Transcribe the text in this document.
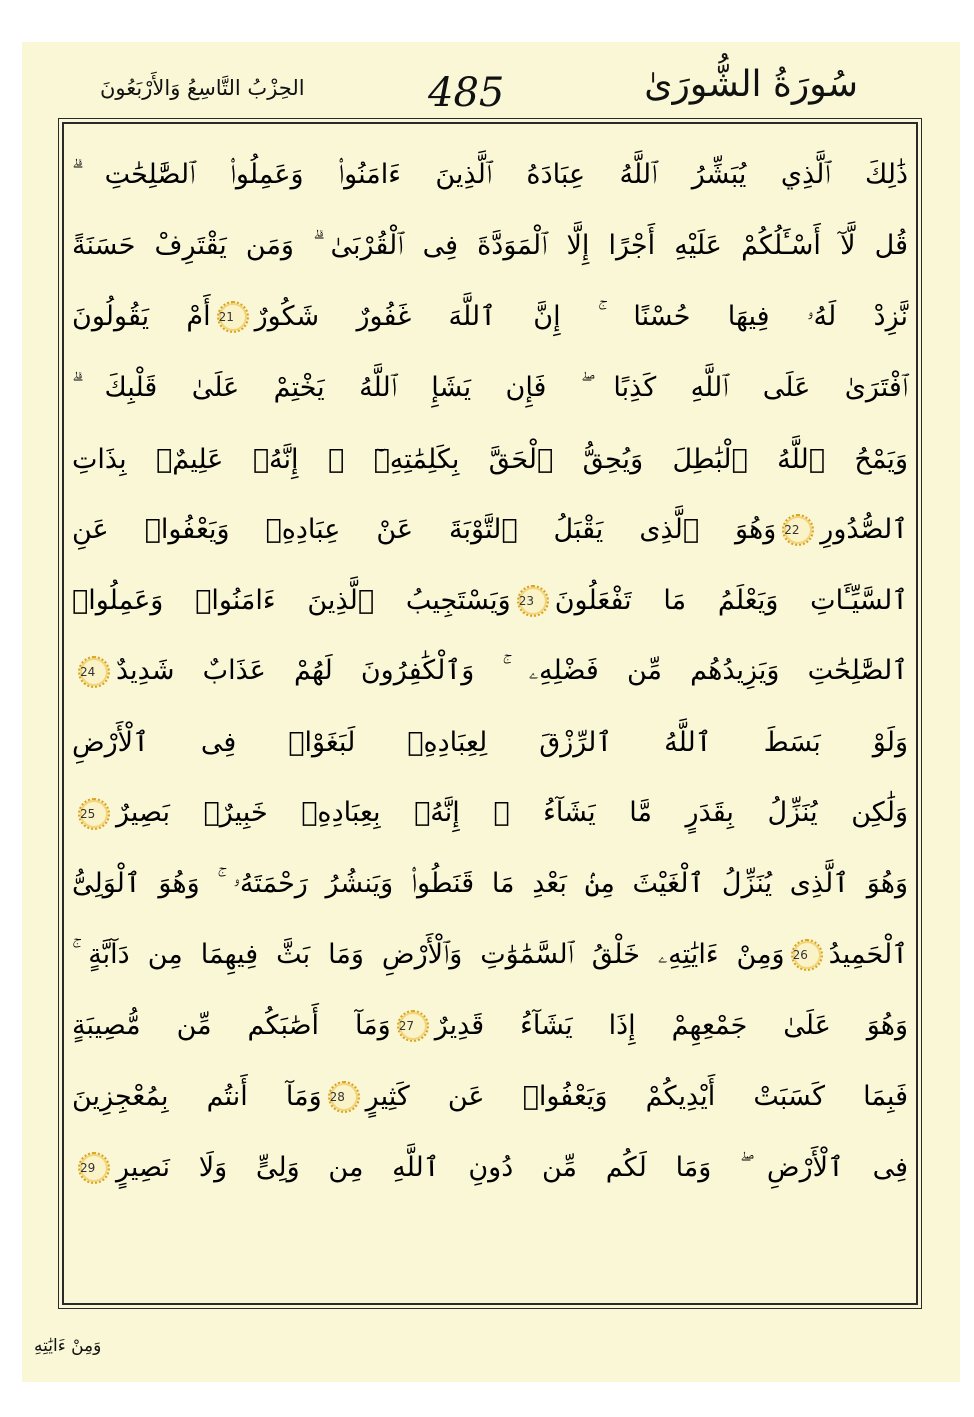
سُورَةُ الشُّورَىٰ
485
الحِزْبُ التَّاسِعُ وَالأَرْبَعُونَ
ذَٰلِكَ ٱلَّذِي يُبَشِّرُ ٱللَّهُ عِبَادَهُ ٱلَّذِينَ ءَامَنُوا۟ وَعَمِلُوا۟ ٱلصَّٰلِحَٰتِ ۗ
قُل لَّآ أَسْـَٔلُكُمْ عَلَيْهِ أَجْرًا إِلَّا ٱلْمَوَدَّةَ فِى ٱلْقُرْبَىٰ ۗ وَمَن يَقْتَرِفْ حَسَنَةً
نَّزِدْ لَهُۥ فِيهَا حُسْنًا ۚ إِنَّ ٱللَّهَ غَفُورٌ شَكُورٌ21أَمْ يَقُولُونَ
ٱفْتَرَىٰ عَلَى ٱللَّهِ كَذِبًا ۖ فَإِن يَشَإِ ٱللَّهُ يَخْتِمْ عَلَىٰ قَلْبِكَ ۗ
وَيَمْحُ ٱللَّهُ ٱلْبَٰطِلَ وَيُحِقُّ ٱلْحَقَّ بِكَلِمَٰتِهِۦٓ ۚ إِنَّهُۥ عَلِيمٌۢ بِذَاتِ
ٱلصُّدُورِ22وَهُوَ ٱلَّذِى يَقْبَلُ ٱلتَّوْبَةَ عَنْ عِبَادِهِۦ وَيَعْفُوا۟ عَنِ
ٱلسَّيِّـَٔاتِ وَيَعْلَمُ مَا تَفْعَلُونَ23وَيَسْتَجِيبُ ٱلَّذِينَ ءَامَنُوا۟ وَعَمِلُوا۟
ٱلصَّٰلِحَٰتِ وَيَزِيدُهُم مِّن فَضْلِهِۦ ۚ وَٱلْكَٰفِرُونَ لَهُمْ عَذَابٌ شَدِيدٌ24
وَلَوْ بَسَطَ ٱللَّهُ ٱلرِّزْقَ لِعِبَادِهِۦ لَبَغَوْا۟ فِى ٱلْأَرْضِ
وَلَٰكِن يُنَزِّلُ بِقَدَرٍ مَّا يَشَآءُ ۚ إِنَّهُۥ بِعِبَادِهِۦ خَبِيرٌۢ بَصِيرٌ25
وَهُوَ ٱلَّذِى يُنَزِّلُ ٱلْغَيْثَ مِنۢ بَعْدِ مَا قَنَطُوا۟ وَيَنشُرُ رَحْمَتَهُۥ ۚ وَهُوَ ٱلْوَلِىُّ
ٱلْحَمِيدُ26وَمِنْ ءَايَٰتِهِۦ خَلْقُ ٱلسَّمَٰوَٰتِ وَٱلْأَرْضِ وَمَا بَثَّ فِيهِمَا مِن دَآبَّةٍ ۚ
وَهُوَ عَلَىٰ جَمْعِهِمْ إِذَا يَشَآءُ قَدِيرٌ27وَمَآ أَصَٰبَكُم مِّن مُّصِيبَةٍ
فَبِمَا كَسَبَتْ أَيْدِيكُمْ وَيَعْفُوا۟ عَن كَثِيرٍ28وَمَآ أَنتُم بِمُعْجِزِينَ
فِى ٱلْأَرْضِ ۖ وَمَا لَكُم مِّن دُونِ ٱللَّهِ مِن وَلِىٍّ وَلَا نَصِيرٍ29
وَمِنْ ءَايَٰتِهِ
